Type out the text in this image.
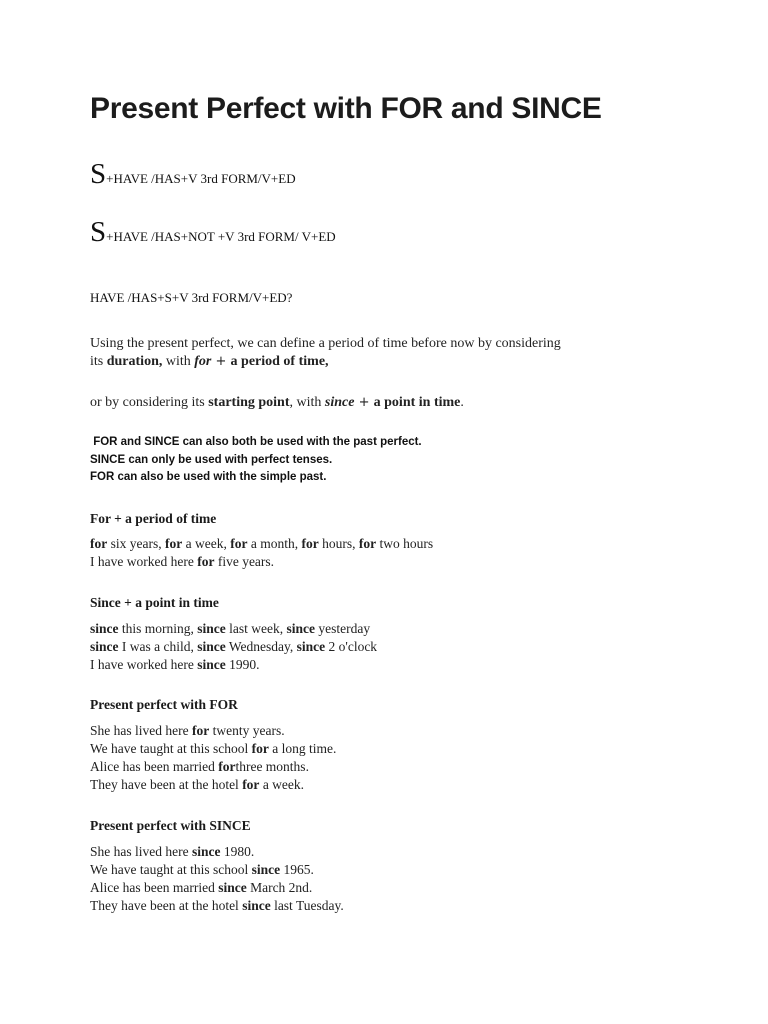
Present Perfect with FOR and SINCE
S+HAVE /HAS+V 3rd FORM/V+ED
S+HAVE /HAS+NOT +V 3rd FORM/ V+ED
HAVE /HAS+S+V 3rd FORM/V+ED?
Using the present perfect, we can define a period of time before now by considering
its duration, with for + a period of time,
or by considering its starting point, with since + a point in time.
FOR and SINCE can also both be used with the past perfect.
SINCE can only be used with perfect tenses.
FOR can also be used with the simple past.
For + a period of time
for six years, for a week, for a month, for hours, for two hours
I have worked here for five years.
Since + a point in time
since this morning, since last week, since yesterday
since I was a child, since Wednesday, since 2 o'clock
I have worked here since 1990.
Present perfect with FOR
She has lived here for twenty years.
We have taught at this school for a long time.
Alice has been married forthree months.
They have been at the hotel for a week.
Present perfect with SINCE
She has lived here since 1980.
We have taught at this school since 1965.
Alice has been married since March 2nd.
They have been at the hotel since last Tuesday.
